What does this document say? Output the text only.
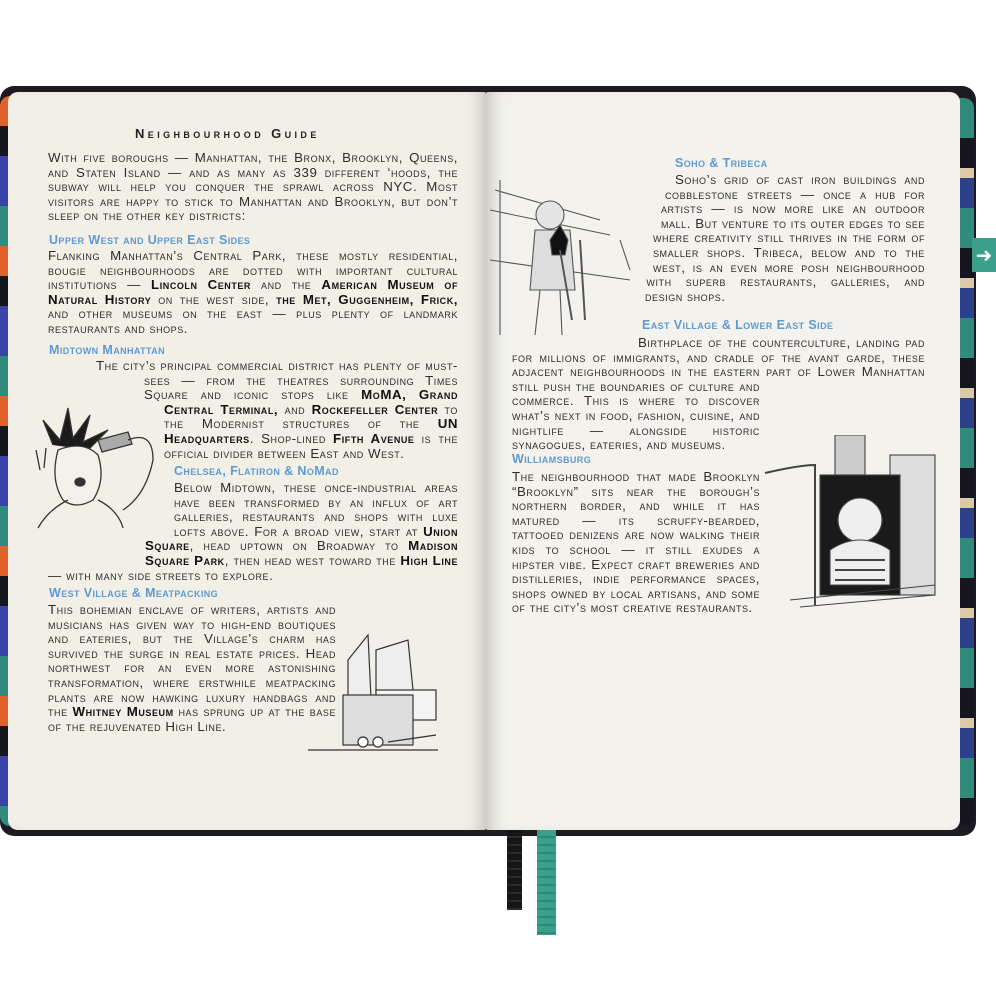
➜
Neighbourhood Guide
With five boroughs — Manhattan, the Bronx, Brooklyn, Queens, and Staten Island — and as many as 339 different ‘hoods, the subway will help you conquer the sprawl across NYC. Most visitors are happy to stick to Manhattan and Brooklyn, but don’t sleep on the other key districts:
Upper West and Upper East Sides
Flanking Manhattan’s Central Park, these mostly residential, bougie neighbourhoods are dotted with important cultural institutions — Lincoln Center and the American Museum of Natural History on the west side, the Met, Guggenheim, Frick, and other museums on the east — plus plenty of landmark restaurants and shops.
Midtown Manhattan
The city’s principal commercial district has plenty of must-sees — from the theatres surrounding Times Square and iconic stops like MoMA, Grand Central Terminal, and Rockefeller Center to the Modernist structures of the UN Headquarters. Shop-lined Fifth Avenue is the official divider between East and West.
Chelsea, Flatiron & NoMad
Below Midtown, these once-industrial areas have been transformed by an influx of art galleries, restaurants and shops with luxe lofts above. For a broad view, start at Union Square, head uptown on Broadway to Madison Square Park, then head west toward the High Line — with many side streets to explore.
West Village & Meatpacking
This bohemian enclave of writers, artists and musicians has given way to high-end boutiques and eateries, but the Village’s charm has survived the surge in real estate prices. Head northwest for an even more astonishing transformation, where erstwhile meatpacking plants are now hawking luxury handbags and the Whitney Museum has sprung up at the base of the rejuvenated High Line.
Soho & Tribeca
Soho’s grid of cast iron buildings and cobblestone streets — once a hub for artists — is now more like an outdoor mall. But venture to its outer edges to see where creativity still thrives in the form of smaller shops. Tribeca, below and to the west, is an even more posh neighbourhood with superb restaurants, galleries, and design shops.
East Village & Lower East Side
Birthplace of the counterculture, landing pad for millions of immigrants, and cradle of the avant garde, these adjacent neighbourhoods in the eastern part of Lower Manhattan still push the boundaries of culture and commerce. This is where to discover what’s next in food, fashion, cuisine, and nightlife — alongside historic synagogues, eateries, and museums.
Williamsburg
The neighbourhood that made Brooklyn “Brooklyn” sits near the borough’s northern border, and while it has matured — its scruffy-bearded, tattooed denizens are now walking their kids to school — it still exudes a hipster vibe. Expect craft breweries and distilleries, indie performance spaces, shops owned by local artisans, and some of the city’s most creative restaurants.
